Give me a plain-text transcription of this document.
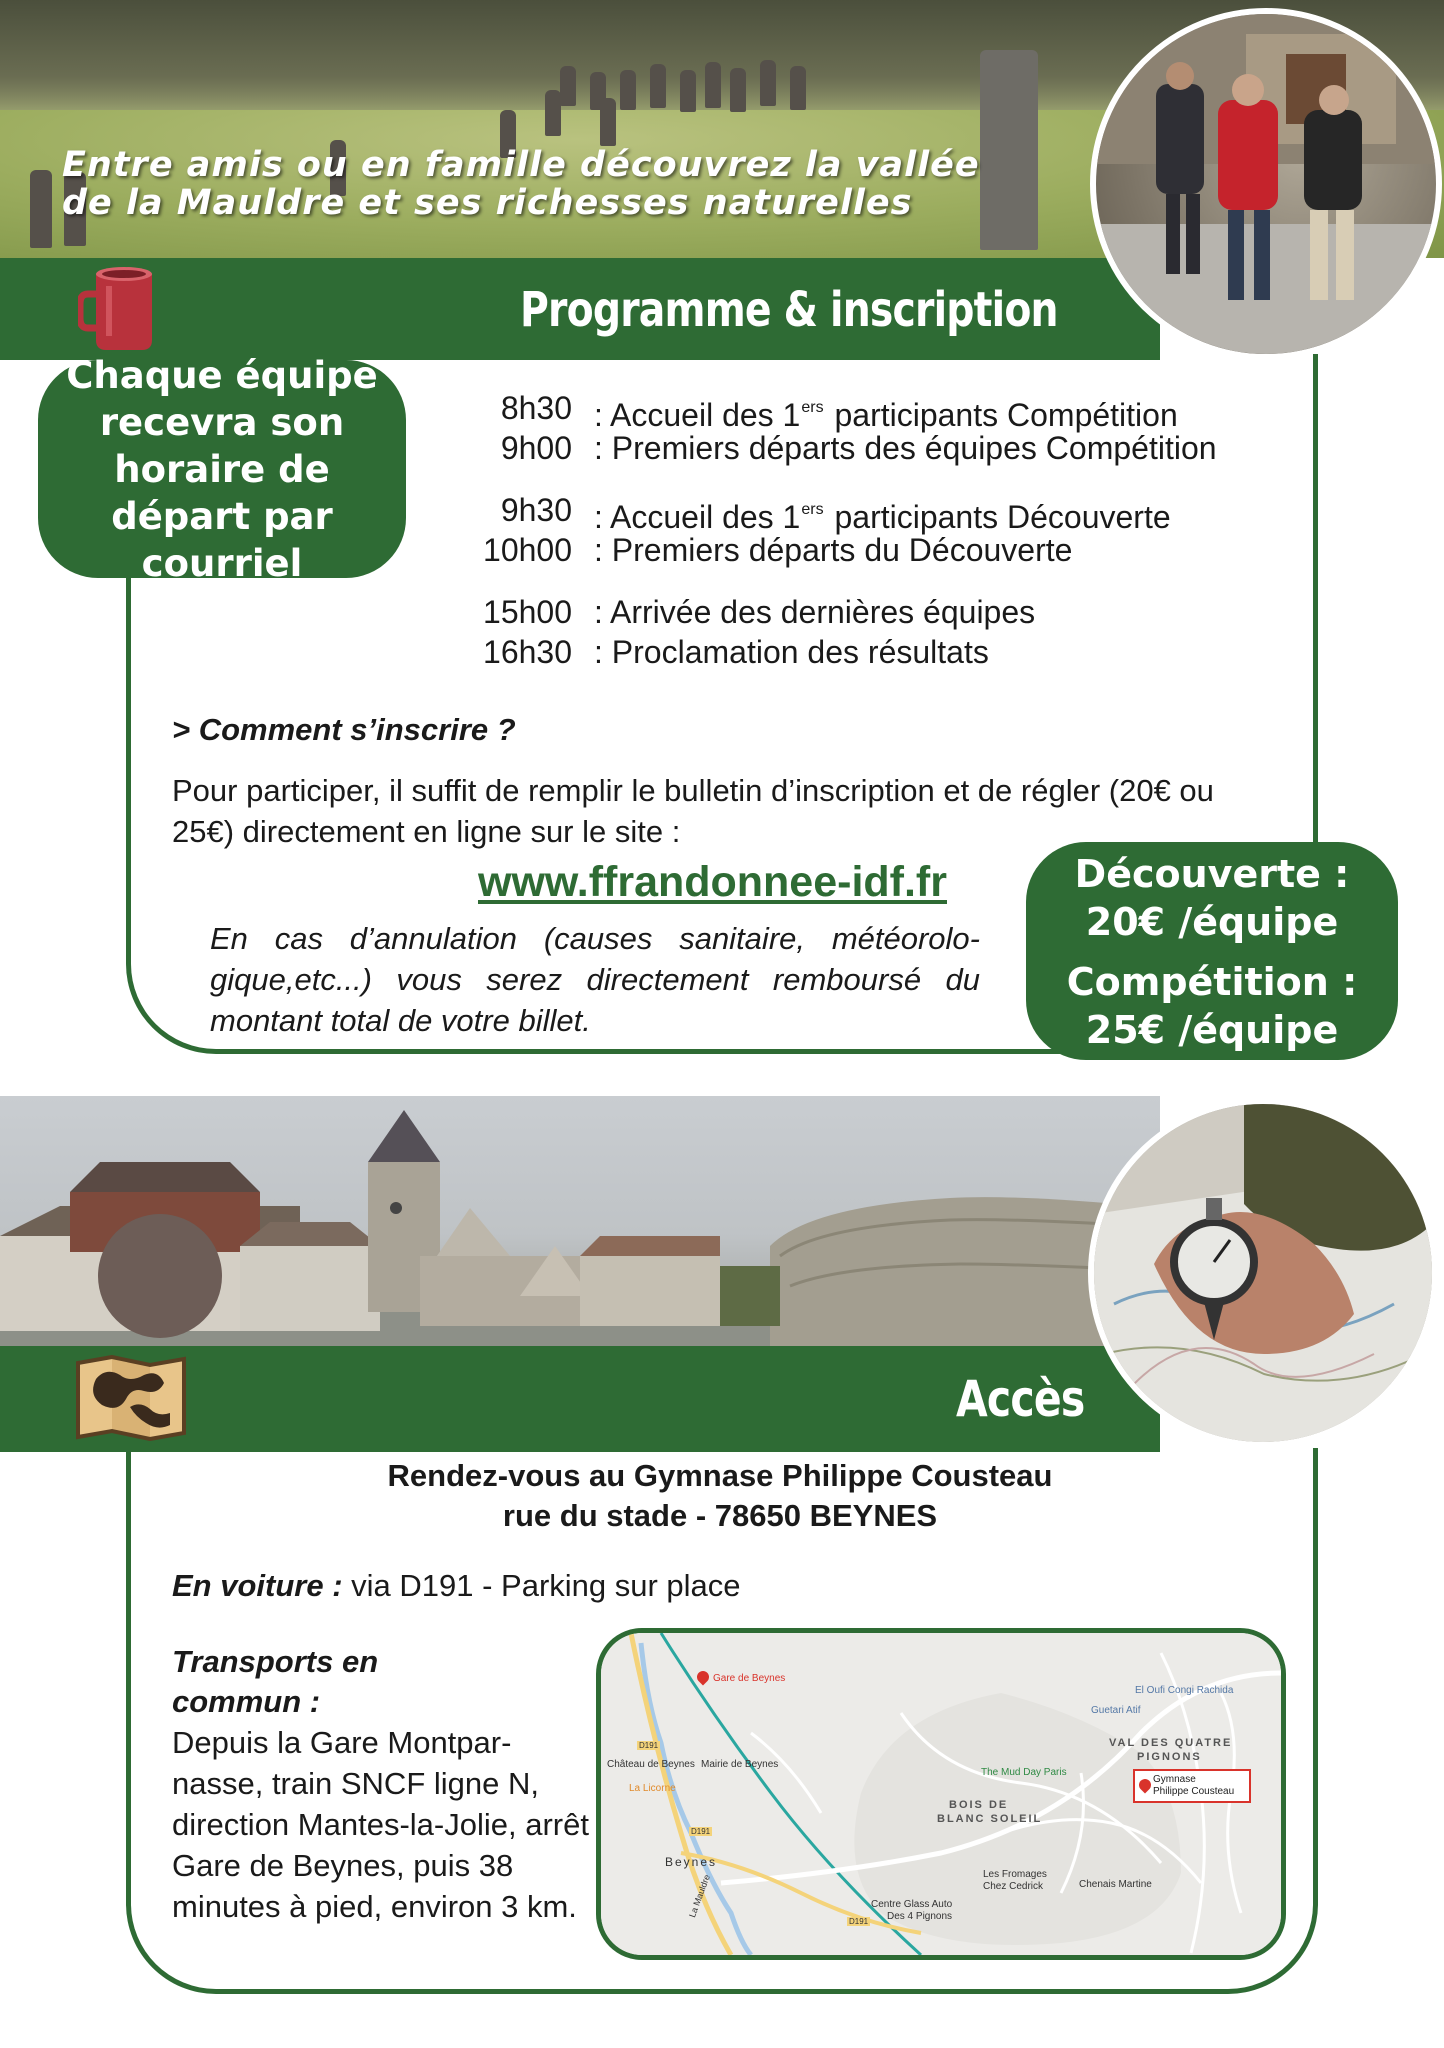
Entre amis ou en famille découvrez la vallée
de la Mauldre et ses richesses naturelles

Programme & inscription
Chaque équipe recevra son horaire de départ par courriel
8h30 : Accueil des 1ers participants Compétition
9h00 : Premiers départs des équipes Compétition
9h30 : Accueil des 1ers participants Découverte
10h00 : Premiers départs du Découverte
15h00 : Arrivée des dernières équipes
16h30 : Proclamation des résultats

> Comment s’inscrire ?

Pour participer, il suffit de remplir le bulletin d’inscription et de régler (20€ ou 25€) directement en ligne sur le site :

www.ffrandonnee-idf.fr

En cas d’annulation (causes sanitaire, météorolo-gique,etc...) vous serez directement remboursé du montant total de votre billet.

Découverte :
20€ /équipe
Compétition :
25€ /équipe
Accès

Rendez-vous au Gymnase Philippe Cousteau

rue du stade - 78650 BEYNES

En voiture : via D191 - Parking sur place

Transports en commun :

Depuis la Gare Montpar-nasse, train SNCF ligne N, direction Mantes-la-Jolie, arrêt Gare de Beynes, puis 38 minutes à pied, environ 3 km.

Gare de Beynes
Château de Beynes Mairie de Beynes
La Licorne
Beynes
D191
D191
D191
La Mauldre
The Mud Day Paris
BOIS DE
BLANC SOLEIL
VAL DES QUATRE
PIGNONS
El Oufi Congi Rachida
Guetari Atif
Les Fromages
Chez Cedrick	Chenais Martine
Centre Glass Auto
Des 4 Pignons
Gymnase
Philippe Cousteau
